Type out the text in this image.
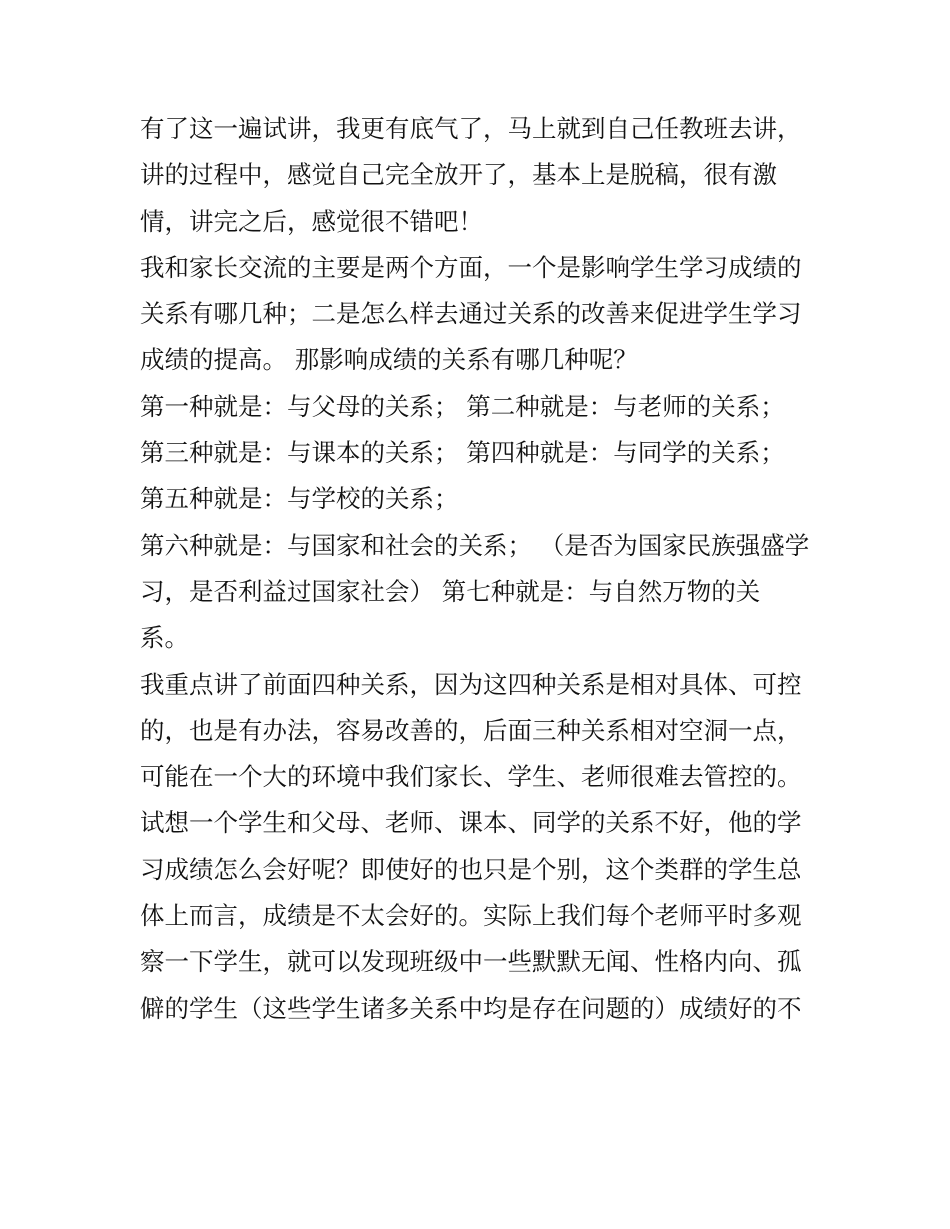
有了这一遍试讲，我更有底气了，马上就到自己任教班去讲，
讲的过程中，感觉自己完全放开了，基本上是脱稿，很有激
情，讲完之后，感觉很不错吧！
我和家长交流的主要是两个方面，一个是影响学生学习成绩的
关系有哪几种；二是怎么样去通过关系的改善来促进学生学习
成绩的提高。 那影响成绩的关系有哪几种呢？
第一种就是：与父母的关系； 第二种就是：与老师的关系；
第三种就是：与课本的关系； 第四种就是：与同学的关系；
第五种就是：与学校的关系；
第六种就是：与国家和社会的关系； （是否为国家民族强盛学
习，是否利益过国家社会） 第七种就是：与自然万物的关
系。
我重点讲了前面四种关系，因为这四种关系是相对具体、可控
的，也是有办法，容易改善的，后面三种关系相对空洞一点，
可能在一个大的环境中我们家长、学生、老师很难去管控的。
试想一个学生和父母、老师、课本、同学的关系不好，他的学
习成绩怎么会好呢？即使好的也只是个别，这个类群的学生总
体上而言，成绩是不太会好的。实际上我们每个老师平时多观
察一下学生，就可以发现班级中一些默默无闻、性格内向、孤
僻的学生（这些学生诸多关系中均是存在问题的）成绩好的不
